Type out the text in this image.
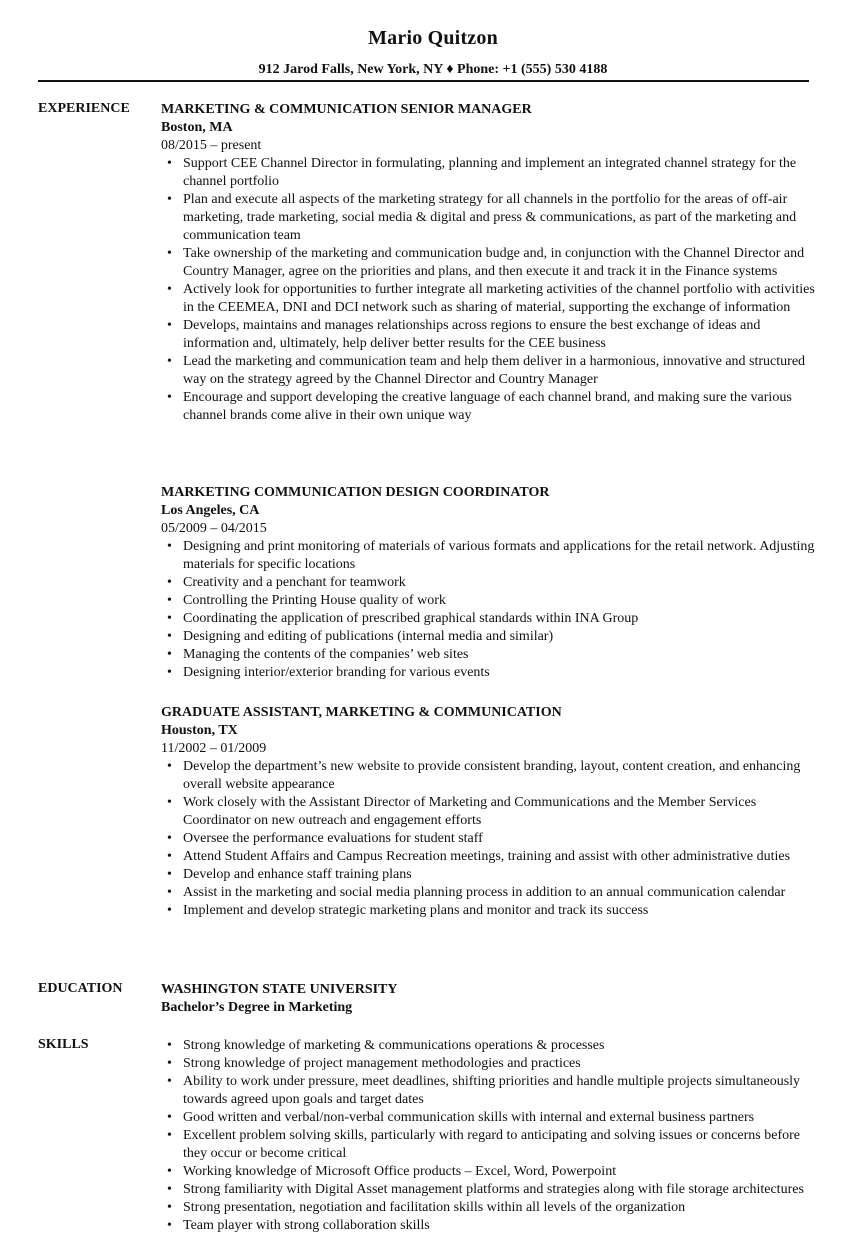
Mario Quitzon
912 Jarod Falls, New York, NY ♦ Phone: +1 (555) 530 4188
EXPERIENCE MARKETING & COMMUNICATION SENIOR MANAGER
Boston, MA
08/2015 – present
• Support CEE Channel Director in formulating, planning and implement an integrated channel strategy for the channel portfolio
• Plan and execute all aspects of the marketing strategy for all channels in the portfolio for the areas of off-air marketing, trade marketing, social media & digital and press & communications, as part of the marketing and communication team
• Take ownership of the marketing and communication budge and, in conjunction with the Channel Director and Country Manager, agree on the priorities and plans, and then execute it and track it in the Finance systems
• Actively look for opportunities to further integrate all marketing activities of the channel portfolio with activities in the CEEMEA, DNI and DCI network such as sharing of material, supporting the exchange of information
• Develops, maintains and manages relationships across regions to ensure the best exchange of ideas and information and, ultimately, help deliver better results for the CEE business
• Lead the marketing and communication team and help them deliver in a harmonious, innovative and structured way on the strategy agreed by the Channel Director and Country Manager
• Encourage and support developing the creative language of each channel brand, and making sure the various channel brands come alive in their own unique way
MARKETING COMMUNICATION DESIGN COORDINATOR
Los Angeles, CA
05/2009 – 04/2015
• Designing and print monitoring of materials of various formats and applications for the retail network. Adjusting materials for specific locations
• Creativity and a penchant for teamwork
• Controlling the Printing House quality of work
• Coordinating the application of prescribed graphical standards within INA Group
• Designing and editing of publications (internal media and similar)
• Managing the contents of the companies’ web sites
• Designing interior/exterior branding for various events
GRADUATE ASSISTANT, MARKETING & COMMUNICATION
Houston, TX
11/2002 – 01/2009
• Develop the department’s new website to provide consistent branding, layout, content creation, and enhancing overall website appearance
• Work closely with the Assistant Director of Marketing and Communications and the Member Services Coordinator on new outreach and engagement efforts
• Oversee the performance evaluations for student staff
• Attend Student Affairs and Campus Recreation meetings, training and assist with other administrative duties
• Develop and enhance staff training plans
• Assist in the marketing and social media planning process in addition to an annual communication calendar
• Implement and develop strategic marketing plans and monitor and track its success
EDUCATION	WASHINGTON STATE UNIVERSITY
Bachelor’s Degree in Marketing
SKILLS
•	Strong knowledge of marketing & communications operations & processes
• Strong knowledge of project management methodologies and practices
• Ability to work under pressure, meet deadlines, shifting priorities and handle multiple projects simultaneously towards agreed upon goals and target dates
• Good written and verbal/non-verbal communication skills with internal and external business partners
• Excellent problem solving skills, particularly with regard to anticipating and solving issues or concerns before they occur or become critical
• Working knowledge of Microsoft Office products – Excel, Word, Powerpoint
• Strong familiarity with Digital Asset management platforms and strategies along with file storage architectures
• Strong presentation, negotiation and facilitation skills within all levels of the organization
• Team player with strong collaboration skills
